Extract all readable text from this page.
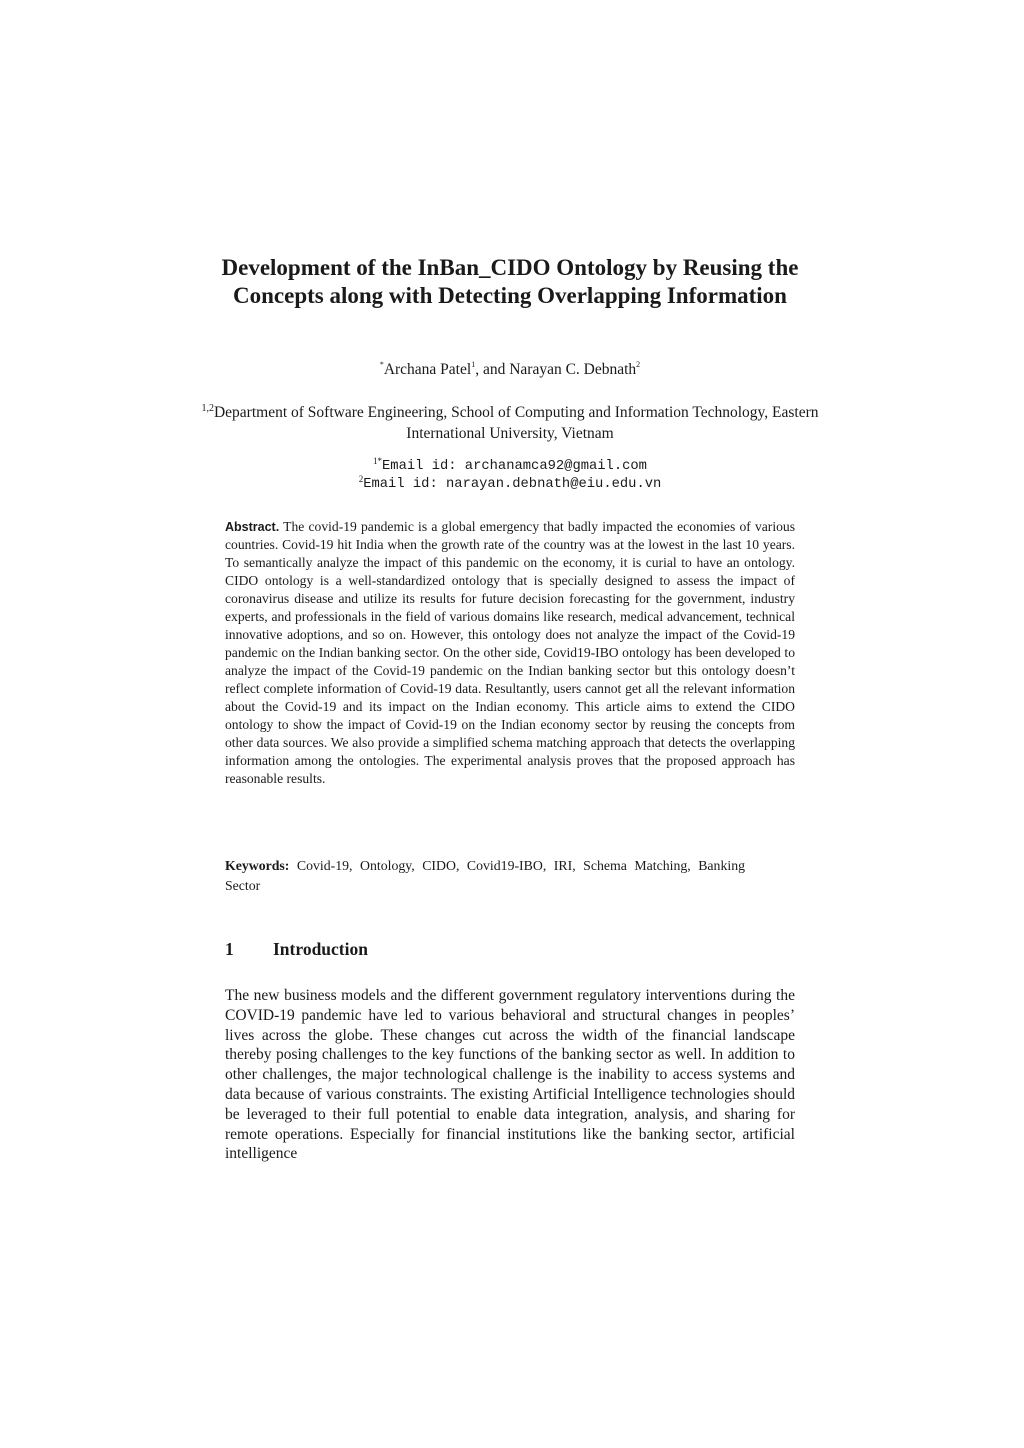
Development of the InBan_CIDO Ontology by Reusing the Concepts along with Detecting Overlapping Information
*Archana Patel$^1$, and Narayan C. Debnath$^2$
$^{1,2}$Department of Software Engineering, School of Computing and Information Technology, Eastern International University, Vietnam
$^{1*}$Email id: archanamca92@gmail.com
$^2$Email id: narayan.debnath@eiu.edu.vn

Abstract. The covid-19 pandemic is a global emergency that badly impacted the economies of various countries. Covid-19 hit India when the growth rate of the country was at the lowest in the last 10 years. To semantically analyze the impact of this pandemic on the economy, it is curial to have an ontology. CIDO ontology is a well-standardized ontology that is specially designed to assess the impact of coronavirus disease and utilize its results for future decision forecasting for the government, industry experts, and professionals in the field of various domains like research, medical advancement, technical innovative adoptions, and so on. However, this ontology does not analyze the impact of the Covid-19 pandemic on the Indian banking sector. On the other side, Covid19-IBO ontology has been developed to analyze the impact of the Covid-19 pandemic on the Indian banking sector but this ontology doesn’t reflect complete information of Covid-19 data. Resultantly, users cannot get all the relevant information about the Covid-19 and its impact on the Indian economy. This article aims to extend the CIDO ontology to show the impact of Covid-19 on the Indian economy sector by reusing the concepts from other data sources. We also provide a simplified schema matching approach that detects the overlapping information among the ontologies. The experimental analysis proves that the proposed approach has reasonable results.

Keywords: Covid-19, Ontology, CIDO, Covid19-IBO, IRI, Schema Matching, Banking Sector

1 Introduction

The new business models and the different government regulatory interventions during the COVID-19 pandemic have led to various behavioral and structural changes in peoples’ lives across the globe. These changes cut across the width of the financial landscape thereby posing challenges to the key functions of the banking sector as well. In addition to other challenges, the major technological challenge is the inability to access systems and data because of various constraints. The existing Artificial Intelligence technologies should be leveraged to their full potential to enable data integration, analysis, and sharing for remote operations. Especially for financial institutions like the banking sector, artificial intelligence
